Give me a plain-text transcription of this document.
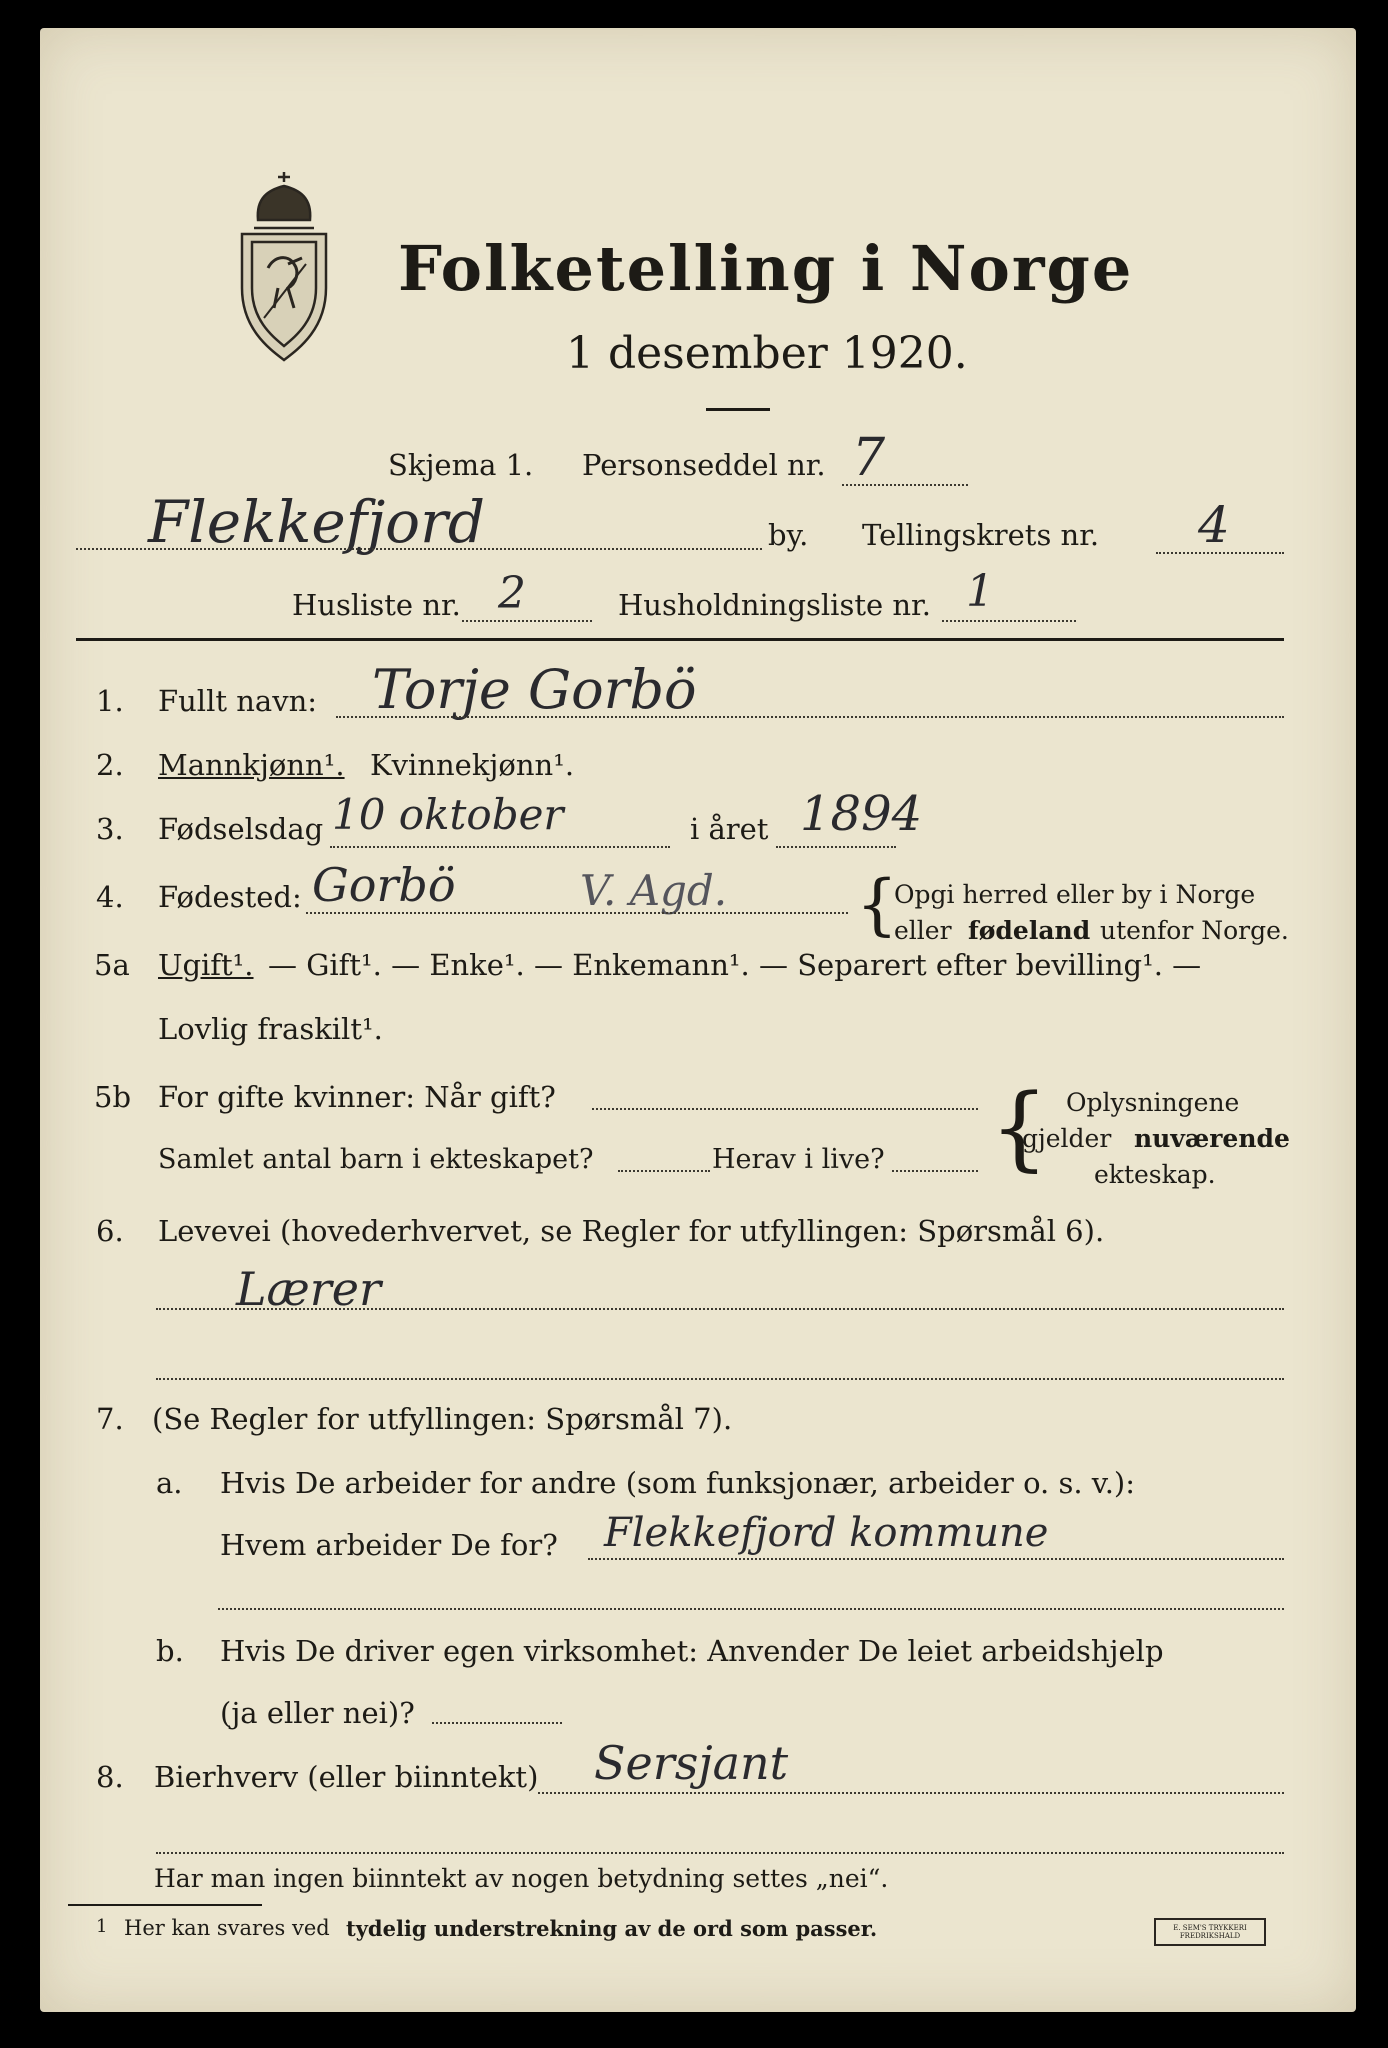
Folketelling i Norge
1 desember 1920.
Skjema 1. Personseddel nr. 7
Flekkefjord	by. Tellingskrets nr. 4
Husliste nr. 2	Husholdningsliste nr. 1
1. Fullt navn: Torje Gorbö
2. Mannkjønn¹. Kvinnekjønn¹.
3. Fødselsdag 10 oktober	i året 1894
4. Fødested: Gorbö	V. Agd. {
Opgi herred eller by i Norge
eller fødeland utenfor Norge.
5a Ugift¹. — Gift¹. — Enke¹. — Enkemann¹. — Separert efter bevilling¹. —
Lovlig fraskilt¹.
5b For gifte kvinner: Når gift?
Samlet antal barn i ekteskapet?	Herav i live? { Oplysningene
gjelder nuværende
ekteskap.
6. Levevei (hovederhvervet, se Regler for utfyllingen: Spørsmål 6).
Lærer
7. (Se Regler for utfyllingen: Spørsmål 7).
a. Hvis De arbeider for andre (som funksjonær, arbeider o. s. v.):
Hvem arbeider De for? Flekkefjord kommune
b. Hvis De driver egen virksomhet: Anvender De leiet arbeidshjelp
(ja eller nei)?
8. Bierhverv (eller biinntekt) Sersjant
Har man ingen biinntekt av nogen betydning settes „nei“.
1 Her kan svares ved tydelig understrekning av de ord som passer.	E. SEM'S TRYKKERI FREDRIKSHALD
